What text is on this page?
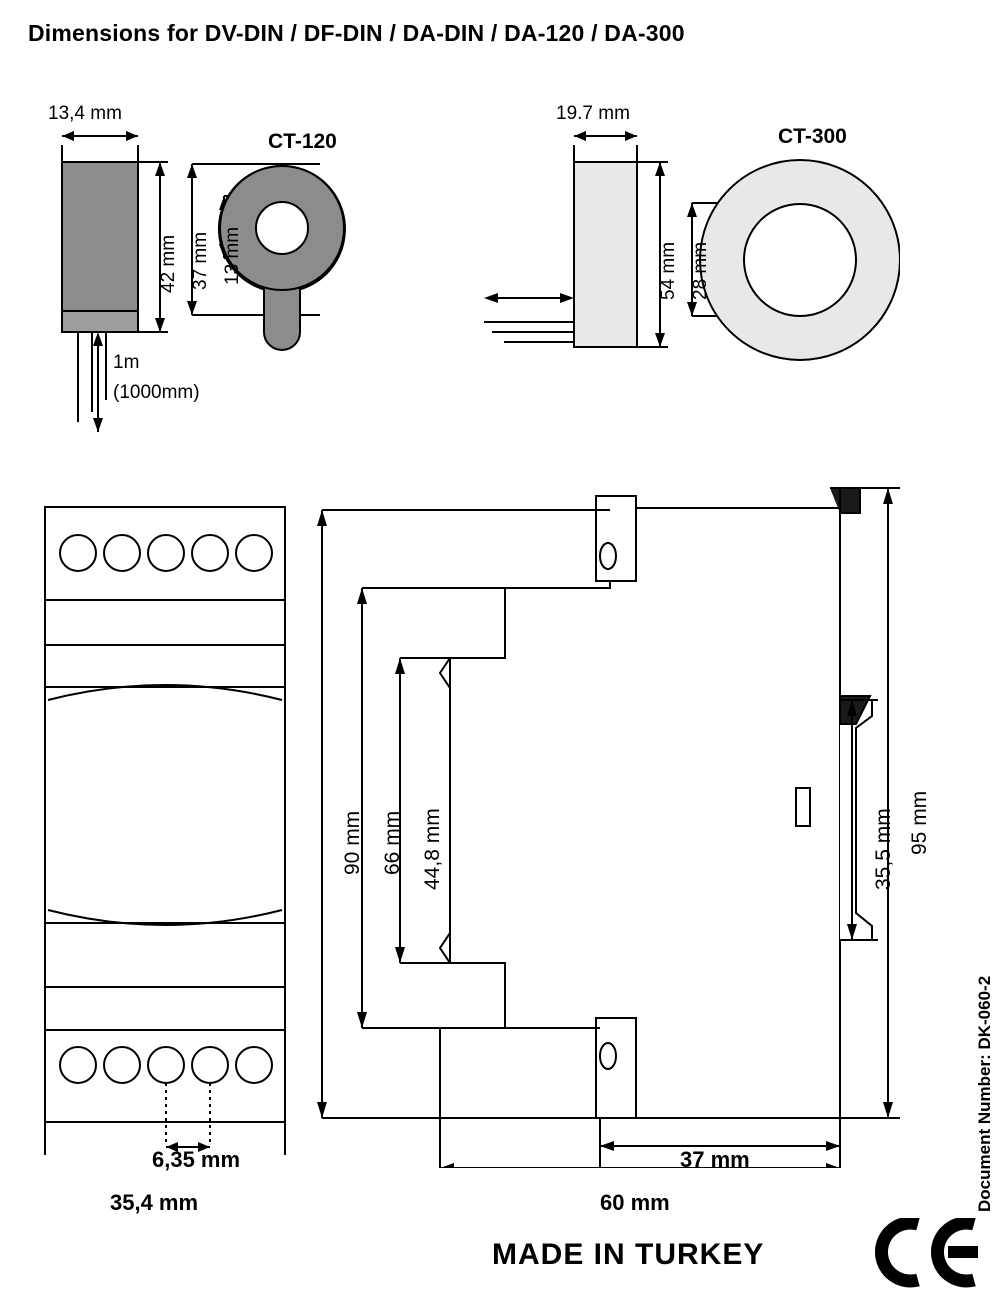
Dimensions for DV-DIN / DF-DIN / DA-DIN / DA-120 / DA-300
13,4 mm
CT-120
42 mm 37 mm 13 mm
1m
(1000mm)
19.7 mm
CT-300
54 mm 28 mm
6,35 mm
35,4 mm
90 mm 66 mm 44,8 mm	35,5 mm 95 mm
37 mm
60 mm
MADE IN TURKEY
Document Number: DK-060-2
